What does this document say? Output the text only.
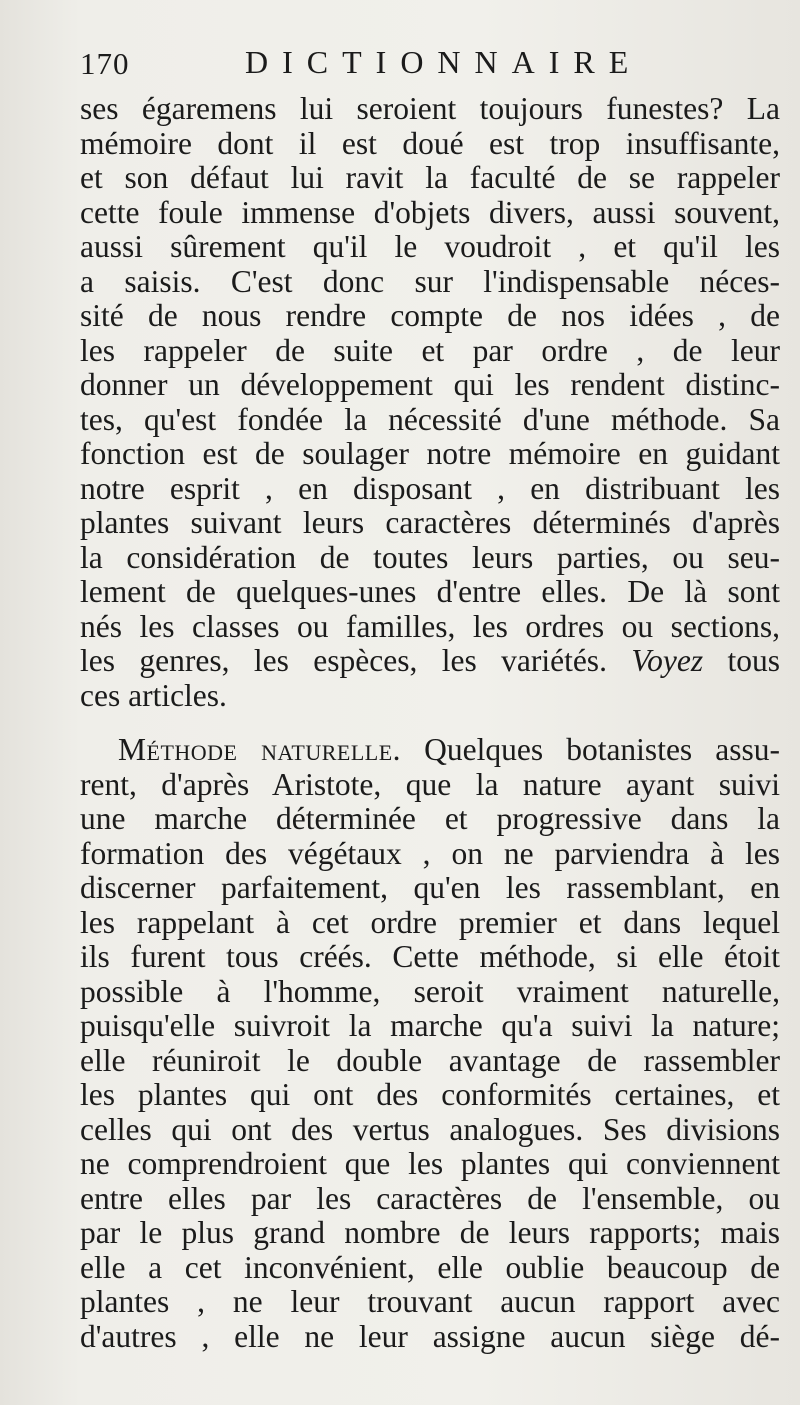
170	DICTIONNAIRE
ses égaremens lui seroient toujours funestes? La
mémoire dont il est doué est trop insuffisante,
et son défaut lui ravit la faculté de se rappeler
cette foule immense d'objets divers, aussi souvent,
aussi sûrement qu'il le voudroit , et qu'il les
a saisis. C'est donc sur l'indispensable néces-
sité de nous rendre compte de nos idées , de
les rappeler de suite et par ordre , de leur
donner un développement qui les rendent distinc-
tes, qu'est fondée la nécessité d'une méthode. Sa
fonction est de soulager notre mémoire en guidant
notre esprit , en disposant , en distribuant les
plantes suivant leurs caractères déterminés d'après
la considération de toutes leurs parties, ou seu-
lement de quelques-unes d'entre elles. De là sont
nés les classes ou familles, les ordres ou sections,
les genres, les espèces, les variétés. Voyez tous
ces articles.
Méthode naturelle. Quelques botanistes assu-
rent, d'après Aristote, que la nature ayant suivi
une marche déterminée et progressive dans la
formation des végétaux , on ne parviendra à les
discerner parfaitement, qu'en les rassemblant, en
les rappelant à cet ordre premier et dans lequel
ils furent tous créés. Cette méthode, si elle étoit
possible à l'homme, seroit vraiment naturelle,
puisqu'elle suivroit la marche qu'a suivi la nature;
elle réuniroit le double avantage de rassembler
les plantes qui ont des conformités certaines, et
celles qui ont des vertus analogues. Ses divisions
ne comprendroient que les plantes qui conviennent
entre elles par les caractères de l'ensemble, ou
par le plus grand nombre de leurs rapports; mais
elle a cet inconvénient, elle oublie beaucoup de
plantes , ne leur trouvant aucun rapport avec
d'autres , elle ne leur assigne aucun siège dé-
